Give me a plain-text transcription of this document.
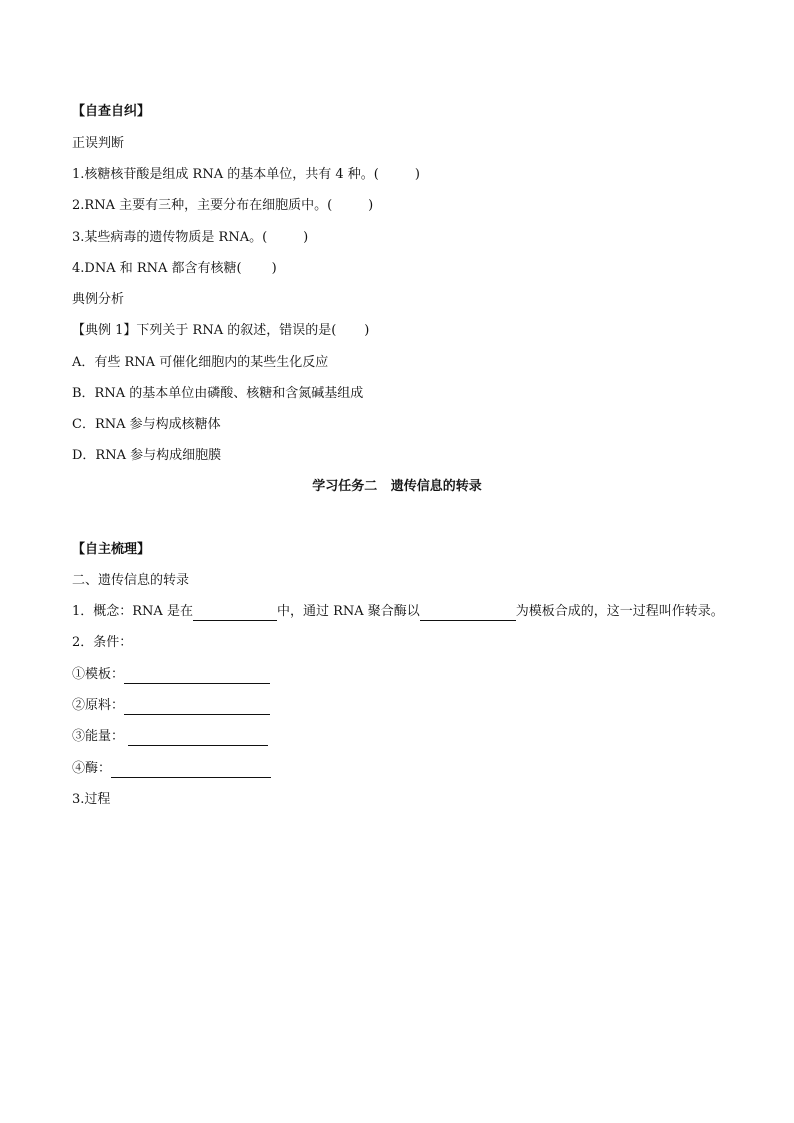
【自查自纠】
正误判断
1.核糖核苷酸是组成 RNA 的基本单位，共有 4 种。(	)
2.RNA 主要有三种，主要分布在细胞质中。(	)
3.某些病毒的遗传物质是 RNA。(	)
4.DNA 和 RNA 都含有核糖( )
典例分析
【典例 1】下列关于 RNA 的叙述，错误的是( )
A．有些 RNA 可催化细胞内的某些生化反应
B．RNA 的基本单位由磷酸、核糖和含氮碱基组成
C．RNA 参与构成核糖体
D．RNA 参与构成细胞膜
学习任务二   遗传信息的转录
【自主梳理】
二、遗传信息的转录
1．概念：RNA 是在	中，通过 RNA 聚合酶以	为模板合成的，这一过程叫作转录。
2．条件：
①模板：
②原料：
③能量：
④酶：
3.过程
